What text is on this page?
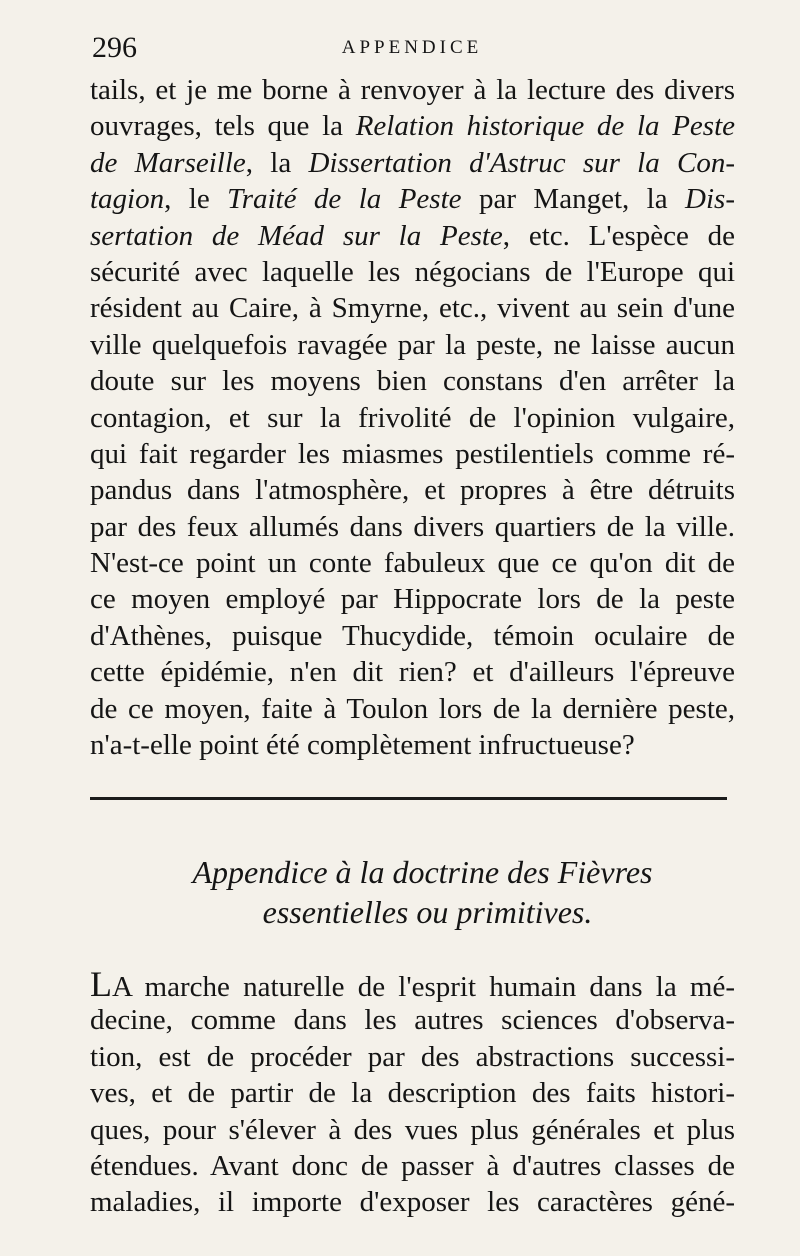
296	APPENDICE
tails, et je me borne à renvoyer à la lecture des divers
ouvrages, tels que la Relation historique de la Peste
de Marseille, la Dissertation d'Astruc sur la Con-
tagion, le Traité de la Peste par Manget, la Dis-
sertation de Méad sur la Peste, etc. L'espèce de
sécurité avec laquelle les négocians de l'Europe qui
résident au Caire, à Smyrne, etc., vivent au sein d'une
ville quelquefois ravagée par la peste, ne laisse aucun
doute sur les moyens bien constans d'en arrêter la
contagion, et sur la frivolité de l'opinion vulgaire,
qui fait regarder les miasmes pestilentiels comme ré-
pandus dans l'atmosphère, et propres à être détruits
par des feux allumés dans divers quartiers de la ville.
N'est-ce point un conte fabuleux que ce qu'on dit de
ce moyen employé par Hippocrate lors de la peste
d'Athènes, puisque Thucydide, témoin oculaire de
cette épidémie, n'en dit rien? et d'ailleurs l'épreuve
de ce moyen, faite à Toulon lors de la dernière peste,
n'a-t-elle point été complètement infructueuse?
Appendice à la doctrine des Fièvres
essentielles ou primitives.
LA marche naturelle de l'esprit humain dans la mé-
decine, comme dans les autres sciences d'observa-
tion, est de procéder par des abstractions successi-
ves, et de partir de la description des faits histori-
ques, pour s'élever à des vues plus générales et plus
étendues. Avant donc de passer à d'autres classes de
maladies, il importe d'exposer les caractères géné-
